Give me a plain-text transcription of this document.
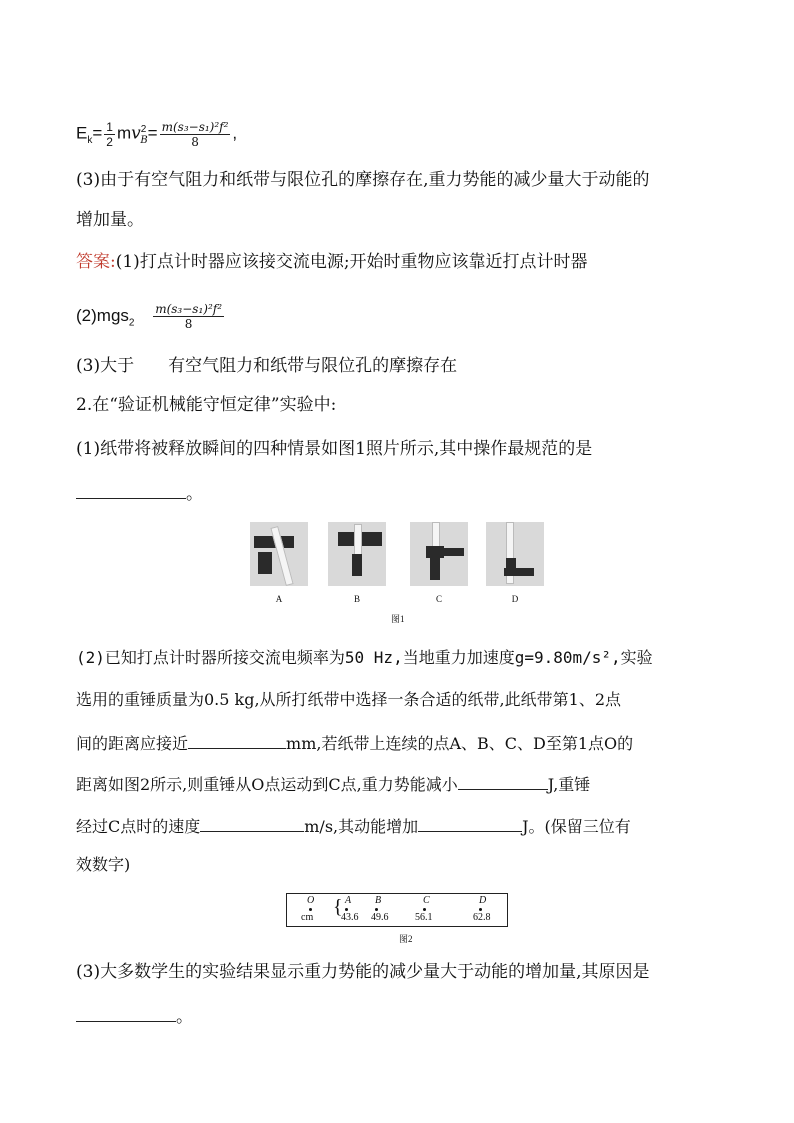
$E_k= \frac{1}{2} mv^2_B= \frac{\text{m(s₃−s₁)²f²}}{8}$ ,
(3)由于有空气阻力和纸带与限位孔的摩擦存在,重力势能的减少量大于动能的
增加量。
答案:(1)打点计时器应该接交流电源;开始时重物应该靠近打点计时器
$(2)mgs_2 \frac{\text{m(s₃−s₁)²f²}}{8}$
(3)大于 有空气阻力和纸带与限位孔的摩擦存在
2.在“验证机械能守恒定律”实验中:
(1)纸带将被释放瞬间的四种情景如图1照片所示,其中操作最规范的是
。
A	B	C	D
图1
(2)已知打点计时器所接交流电频率为50 Hz,当地重力加速度g=9.80m/s²,实验
选用的重锤质量为0.5 kg,从所打纸带中选择一条合适的纸带,此纸带第1、2点
间的距离应接近	mm,若纸带上连续的点A、B、C、D至第1点O的
距离如图2所示,则重锤从O点运动到C点,重力势能减小	J,重锤
经过C点时的速度	m/s,其动能增加	J。(保留三位有
效数字)
O
cm { A
43.6
B
49.6
C
56.1
D
62.8
图2
(3)大多数学生的实验结果显示重力势能的减少量大于动能的增加量,其原因是
。
